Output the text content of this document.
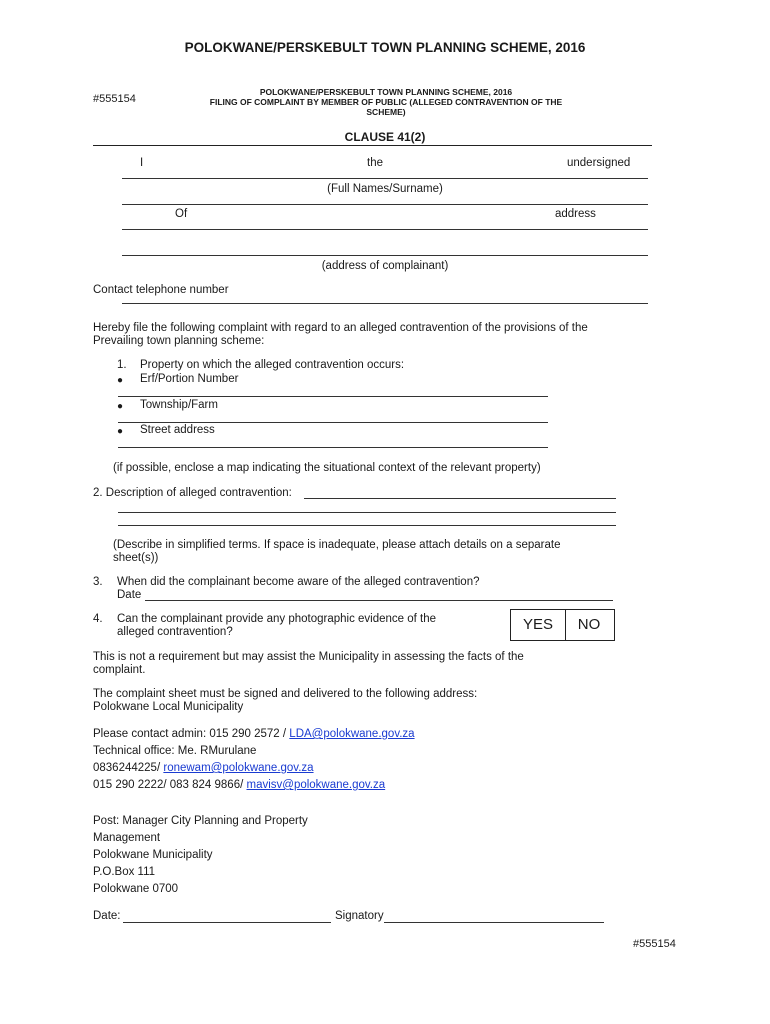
POLOKWANE/PERSKEBULT TOWN PLANNING SCHEME, 2016
#555154
POLOKWANE/PERSKEBULT TOWN PLANNING SCHEME, 2016
FILING OF COMPLAINT BY MEMBER OF PUBLIC (ALLEGED CONTRAVENTION OF THE
SCHEME)
CLAUSE 41(2)
I	the	undersigned
(Full Names/Surname)
Of	address
(address of complainant)
Contact telephone number
Hereby file the following complaint with regard to an alleged contravention of the provisions of the
Prevailing town planning scheme:
1. Property on which the alleged contravention occurs:
● Erf/Portion Number
● Township/Farm
● Street address
(if possible, enclose a map indicating the situational context of the relevant property)
2. Description of alleged contravention:
(Describe in simplified terms. If space is inadequate, please attach details on a separate
sheet(s))
3. When did the complainant become aware of the alleged contravention?
Date
4. Can the complainant provide any photographic evidence of the
alleged contravention?	YES	NO
This is not a requirement but may assist the Municipality in assessing the facts of the
complaint.
The complaint sheet must be signed and delivered to the following address:
Polokwane Local Municipality
Please contact admin: 015 290 2572 / LDA@polokwane.gov.za
Technical office: Me. RMurulane
0836244225/ ronewam@polokwane.gov.za
015 290 2222/ 083 824 9866/ mavisv@polokwane.gov.za
Post: Manager City Planning and Property
Management
Polokwane Municipality
P.O.Box 111
Polokwane 0700
Date:	Signatory
#555154
